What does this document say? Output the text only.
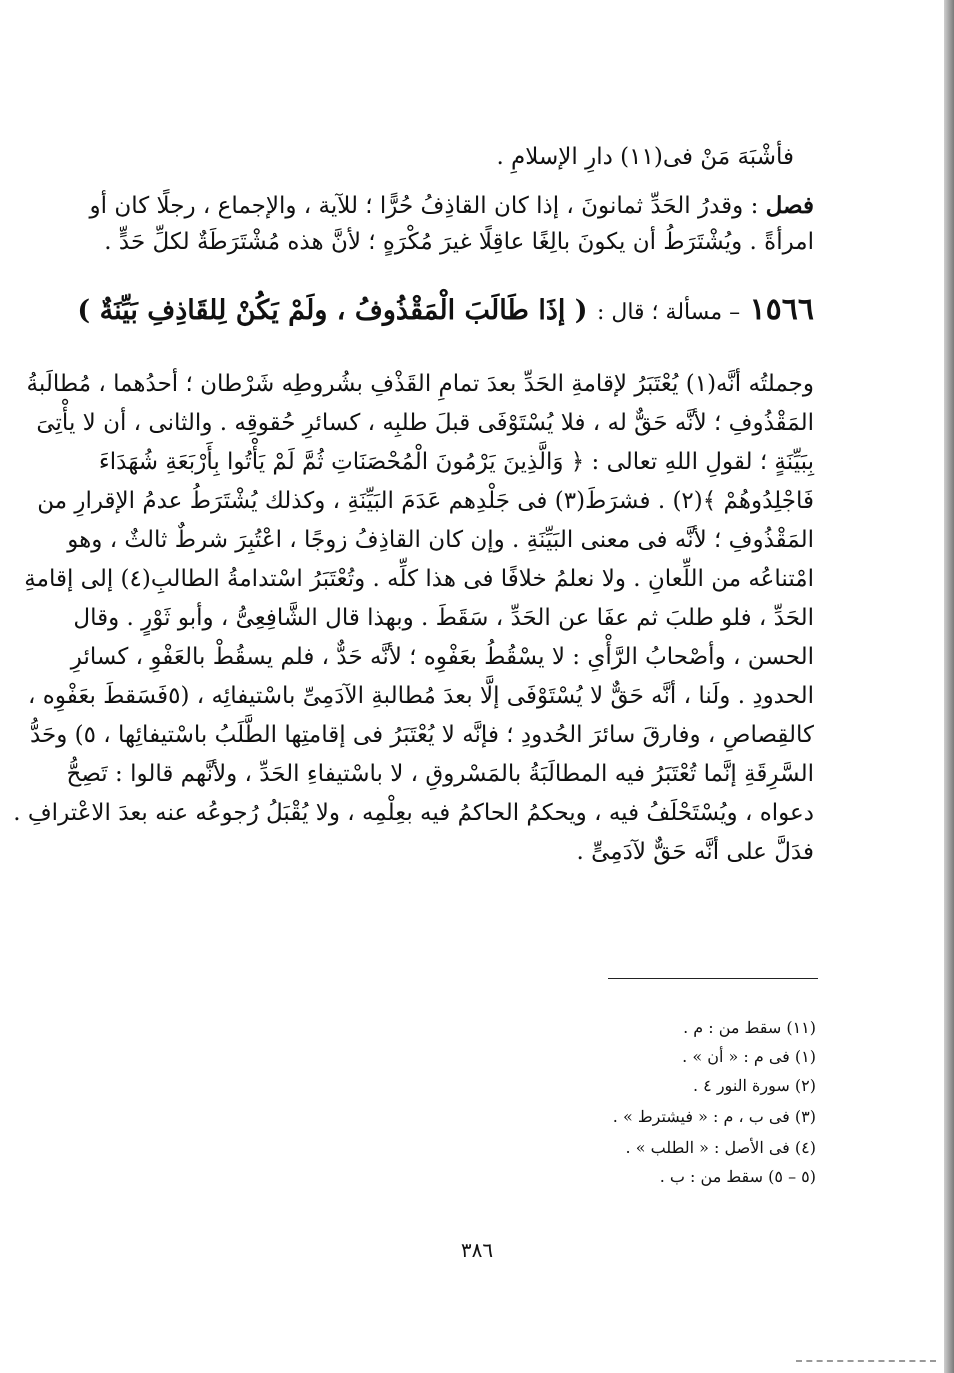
فأشْبَهَ مَنْ فى(١١) دارِ الإسلامِ .
فصل : وقدرُ الحَدِّ ثمانونَ ، إذا كان القاذِفُ حُرًّا ؛ للآية ، والإجماع ، رجلًا كان أو
امرأةً . ويُشْتَرَطُ أن يكونَ بالِغًا عاقِلًا غيرَ مُكْرَهٍ ؛ لأنَّ هذه مُشْتَرَطَةٌ لكلِّ حَدٍّ .
١٥٦٦ – مسألة ؛ قال : ( إذَا طَالَبَ الْمَقْذُوفُ ، ولَمْ يَكُنْ لِلقَاذِفِ بَيِّنَةٌ )
وجملتُه أنَّه(١) يُعْتَبَرُ لإقامةِ الحَدِّ بعدَ تمامِ القَذْفِ بشُروطِه شَرْطان ؛ أحدُهما ، مُطالَبةُ
المَقْذُوفِ ؛ لأنَّه حَقٌّ له ، فلا يُسْتَوْفَى قبلَ طلبِه ، كسائرِ حُقوقِه . والثانى ، أن لا يأْتِىَ
بِبَيِّنَةٍ ؛ لقولِ اللهِ تعالى : ﴿ وَالَّذِينَ يَرْمُونَ الْمُحْصَنَاتِ ثُمَّ لَمْ يَأْتُوا بِأَرْبَعَةِ شُهَدَاءَ
فَاجْلِدُوهُمْ ﴾(٢) . فشرَطَ(٣) فى جَلْدِهم عَدَمَ البَيِّنَةِ ، وكذلك يُشْتَرَطُ عدمُ الإقرارِ من
المَقْذُوفِ ؛ لأنَّه فى معنى البَيِّنَةِ . وإن كان القاذِفُ زوجًا ، اعْتُبِرَ شرطٌ ثالثٌ ، وهو
امْتناعُه من اللِّعانِ . ولا نعلمُ خلافًا فى هذا كلِّه . وتُعْتَبَرُ اسْتدامةُ الطالبِ(٤) إلى إقامةِ
الحَدِّ ، فلو طلبَ ثم عفَا عن الحَدِّ ، سَقَطَ . وبهذا قال الشَّافِعِىُّ ، وأبو ثَوْرٍ . وقال
الحسن ، وأصْحابُ الرَّأْىِ : لا يسْقُطُ بعَفْوِه ؛ لأنَّه حَدٌّ ، فلم يسقُطْ بالعَفْوِ ، كسائرِ
الحدودِ . ولَنا ، أنَّه حَقٌّ لا يُسْتَوْفَى إلَّا بعدَ مُطالبةِ الآدَمِىِّ باسْتيفائِه ، (٥فَسَقطَ بعَفْوِه ،
كالقِصاصِ ، وفارقَ سائرَ الحُدودِ ؛ فإنَّه لا يُعْتَبَرُ فى إقامتِها الطَّلَبُ باسْتيفائِها ، ٥) وحَدُّ
السَّرِقَةِ إنَّما تُعْتَبَرُ فيه المطالَبَةُ بالمَسْروقِ ، لا باسْتيفاءِ الحَدِّ ، ولأنَّهم قالوا : تَصِحُّ
دعواه ، ويُسْتَحْلَفُ فيه ، ويحكمُ الحاكمُ فيه بعِلْمِه ، ولا يُقْبَلُ رُجوعُه عنه بعدَ الاعْترافِ .
فدَلَّ على أنَّه حَقٌّ لآدَمِىٍّ .
(١١) سقط من : م .
(١) فى م : « أن » .
(٢) سورة النور ٤ .
(٣) فى ب ، م : « فيشترط » .
(٤) فى الأصل : « الطلب » .
(٥ – ٥) سقط من : ب .
٣٨٦
